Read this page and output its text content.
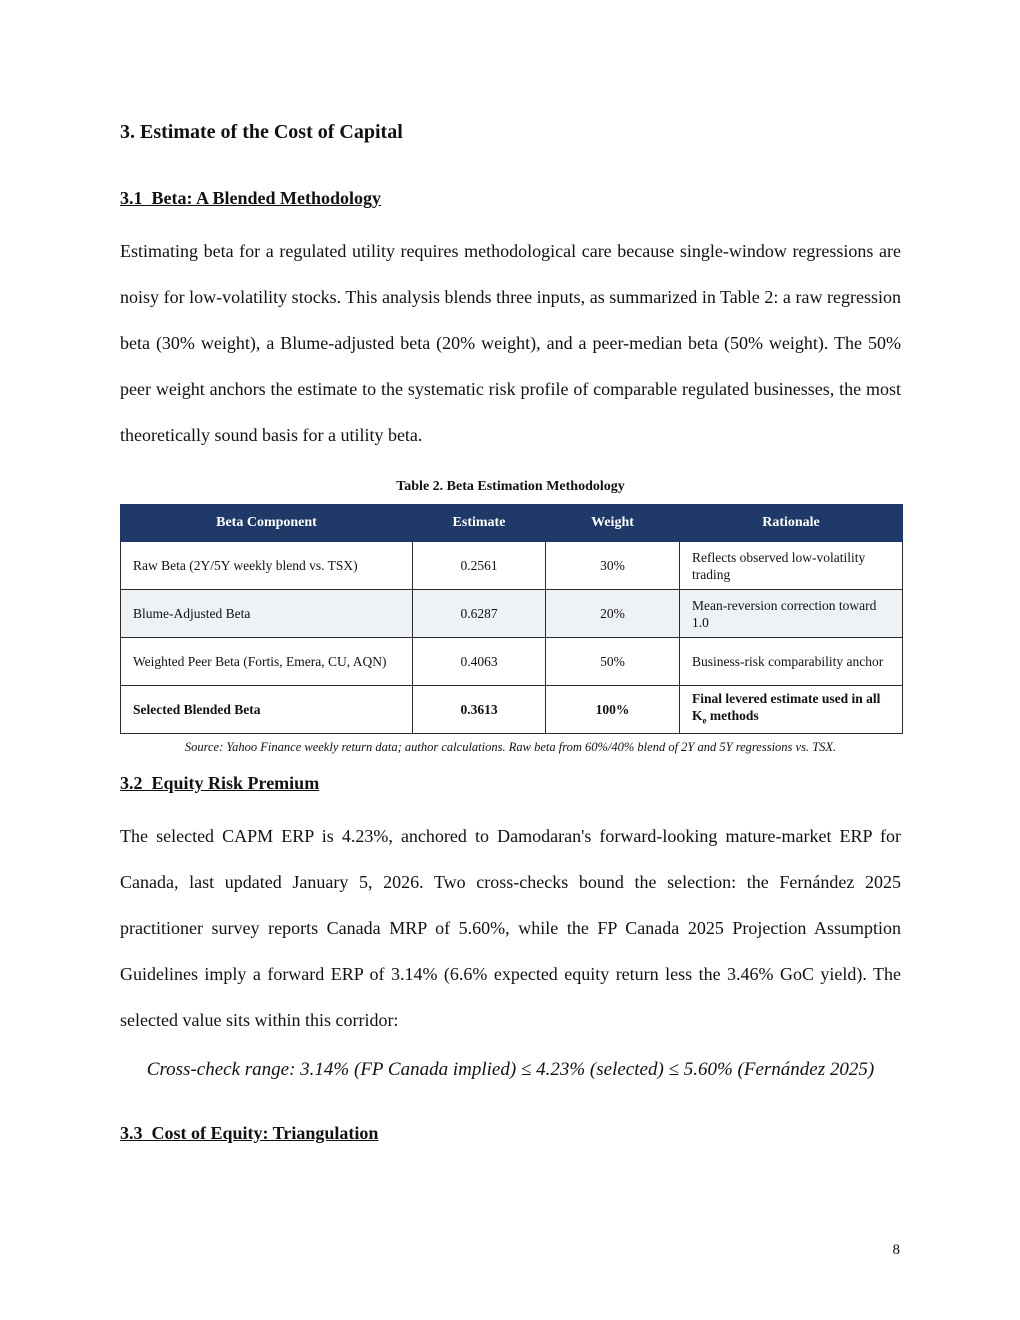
3. Estimate of the Cost of Capital
3.1  Beta: A Blended Methodology

Estimating beta for a regulated utility requires methodological care because single-window regressions are noisy for low-volatility stocks. This analysis blends three inputs, as summarized in Table 2: a raw regression beta (30% weight), a Blume-adjusted beta (20% weight), and a peer-median beta (50% weight). The 50% peer weight anchors the estimate to the systematic risk profile of comparable regulated businesses, the most theoretically sound basis for a utility beta.

Table 2. Beta Estimation Methodology
Beta Component	Estimate	Weight	Rationale
Raw Beta (2Y/5Y weekly blend vs. TSX)	0.2561	30%	Reflects observed low-volatility trading
Blume-Adjusted Beta	0.6287	20%	Mean-reversion correction toward 1.0
Weighted Peer Beta (Fortis, Emera, CU, AQN)	0.4063	50%	Business-risk comparability anchor
Selected Blended Beta	0.3613	100%	Final levered estimate used in all $K_e$ methods
Source: Yahoo Finance weekly return data; author calculations. Raw beta from 60%/40% blend of 2Y and 5Y regressions vs. TSX.
3.2  Equity Risk Premium

The selected CAPM ERP is 4.23%, anchored to Damodaran's forward-looking mature-market ERP for Canada, last updated January 5, 2026. Two cross-checks bound the selection: the Fernández 2025 practitioner survey reports Canada MRP of 5.60%, while the FP Canada 2025 Projection Assumption Guidelines imply a forward ERP of 3.14% (6.6% expected equity return less the 3.46% GoC yield). The selected value sits within this corridor:

Cross-check range: 3.14% (FP Canada implied) ≤ 4.23% (selected) ≤ 5.60% (Fernández 2025)
3.3  Cost of Equity: Triangulation
8
